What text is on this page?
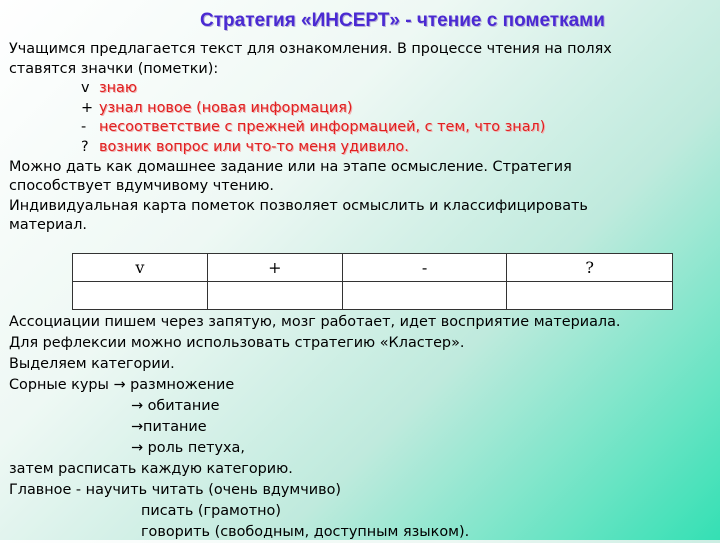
Стратегия «ИНСЕРТ» - чтение с пометками
Учащимся предлагается текст для ознакомления. В процессе чтения на полях
ставятся значки (пометки):
v знаю
+ узнал новое (новая информация)
- несоответствие с прежней информацией, с тем, что знал)
? возник вопрос или что-то меня удивило.
Можно дать как домашнее задание или на этапе осмысление. Стратегия
способствует вдумчивому чтению.
Индивидуальная карта пометок позволяет осмыслить и классифицировать
материал.
v	+	-	?

Ассоциации пишем через запятую, мозг работает, идет восприятие материала.
Для рефлексии можно использовать стратегию «Кластер».
Выделяем категории.
Сорные куры → размножение
→ обитание
→питание
→ роль петуха,
затем расписать каждую категорию.
Главное - научить читать (очень вдумчиво)
писать (грамотно)
говорить (свободным, доступным языком).
